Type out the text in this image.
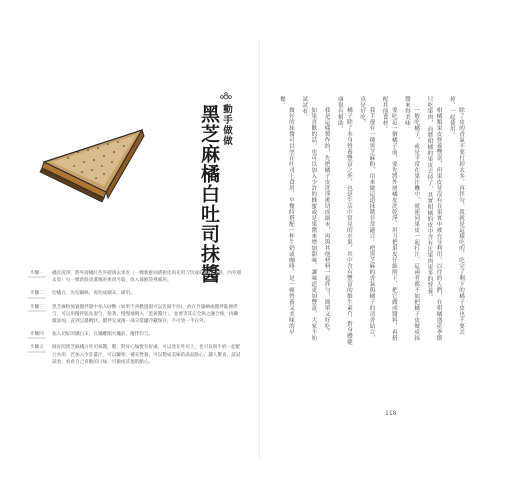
動手做做
黑芝麻橘白吐司抹醬
步驟一 橘皮洗淨，將外層橘紅色外層削去果皮（一棵新鮮油漬柑皮肉先用刀切成約5cm長條，內外層去皮）另一棵新鮮清潔後的果肉另裝，放入保鮮袋裡備用。
步驟二 切橘白，先切細絲，再切成細末，備用。
步驟三 黑芝麻粉放置攪拌器中加入砂糖（如果不喜歡過甜可以先做半份)，放在竹篩網或攪拌匙裡拌勻，可以用攪拌匙先混勻，接著，慢慢地倒入「蛋黃醬汁」，並要等其完全與之融合後，再繼續添加，直到呈濃稠狀。攪拌完成後一部分裝罐冷藏保存，不可放一半在外。
步驟四 加入切好的橘白末，在鍋離開火爐前，攪拌均勻。
步驟五 做好的黑芝麻橘白吐司抹醬，嗯，對身心愉悅有好處，可以塗在吐司上，也可以與牛奶一起配合食用。若加入少許薑汁，可以驅寒，補充營養，可以製成美味的湯品點心，讓人驚喜，請試試看，看看自己喜歡的口味，可做成其他的點心。

除了皮的香氣不要打掉太多，再拌匀。我就是這樣吃的，吃完了剩下的橘子皮也不要丟掉，一起使用。

柑橘類果皮營養豐富，但果皮並沒有在果實中被充分利用。以往的人們，在柑橘盛產季節只吃果肉，而將柑橘的果皮丟掉了，其實柑橘的皮中含有比果肉更多的營養。

一般吃橘子，或是平常在果汁機中，就連同果皮一起打汁，這兩者都不如把橘子皮做成抹醬來得美味。

要吃這一個橘子前，要先將外層橘皮洗乾淨，用刀把果皮仔細削下，把它做成醬料，再搭配其他食材。

我手邊有一種黑芝麻粉，用來做這道抹醬非常適合。把黑芝麻的香氣與橘子的清香結合，真是好吃。

橘子除了本身營養豐富之外，也是生活中常見的水果，其中含有豐富的維生素C，對身體健康很有幫助。

我是這樣製作的，先把橘子皮洗淨後切成細末，再與其他材料一起拌勻，簡單又好吃。

如果喜歡的話，也可以加入少許的蜂蜜或是果醬來增加甜味，讓味道更加豐富，大家不妨試試看。

做好的抹醬可以塗在吐司上食用，早餐時搭配一杯牛奶或咖啡，是一頓營養又美味的早餐。

118
